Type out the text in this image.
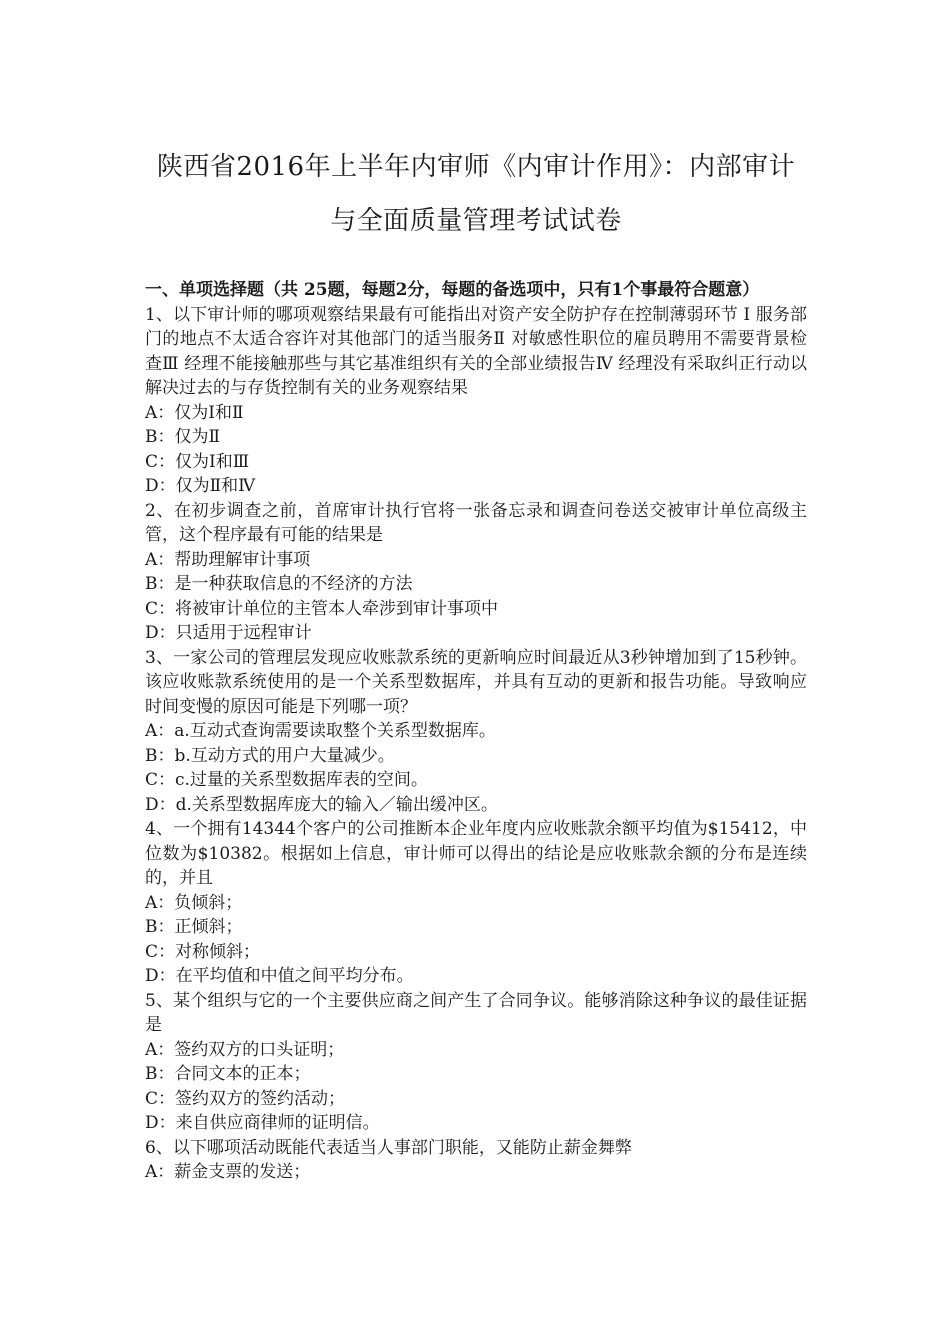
陕西省2016年上半年内审师《内审计作用》：内部审计与全面质量管理考试试卷
一、单项选择题（共 25题，每题2分，每题的备选项中，只有1个事最符合题意）

1、以下审计师的哪项观察结果最有可能指出对资产安全防护存在控制薄弱环节 Ⅰ 服务部门的地点不太适合容许对其他部门的适当服务Ⅱ 对敏感性职位的雇员聘用不需要背景检查Ⅲ 经理不能接触那些与其它基准组织有关的全部业绩报告Ⅳ 经理没有采取纠正行动以解决过去的与存货控制有关的业务观察结果

A：仅为Ⅰ和Ⅱ

B：仅为Ⅱ

C：仅为Ⅰ和Ⅲ

D：仅为Ⅱ和Ⅳ

2、在初步调查之前，首席审计执行官将一张备忘录和调查问卷送交被审计单位高级主管，这个程序最有可能的结果是

A：帮助理解审计事项

B：是一种获取信息的不经济的方法

C：将被审计单位的主管本人牵涉到审计事项中

D：只适用于远程审计

3、一家公司的管理层发现应收账款系统的更新响应时间最近从3秒钟增加到了15秒钟。该应收账款系统使用的是一个关系型数据库，并具有互动的更新和报告功能。导致响应时间变慢的原因可能是下列哪一项？

A：a.互动式查询需要读取整个关系型数据库。

B：b.互动方式的用户大量减少。

C：c.过量的关系型数据库表的空间。

D：d.关系型数据库庞大的输入／输出缓冲区。

4、一个拥有14344个客户的公司推断本企业年度内应收账款余额平均值为$15412，中位数为$10382。根据如上信息，审计师可以得出的结论是应收账款余额的分布是连续的，并且

A：负倾斜；

B：正倾斜；

C：对称倾斜；

D：在平均值和中值之间平均分布。

5、某个组织与它的一个主要供应商之间产生了合同争议。能够消除这种争议的最佳证据是

A：签约双方的口头证明；

B：合同文本的正本；

C：签约双方的签约活动；

D：来自供应商律师的证明信。

6、以下哪项活动既能代表适当人事部门职能，又能防止薪金舞弊

A：薪金支票的发送；
